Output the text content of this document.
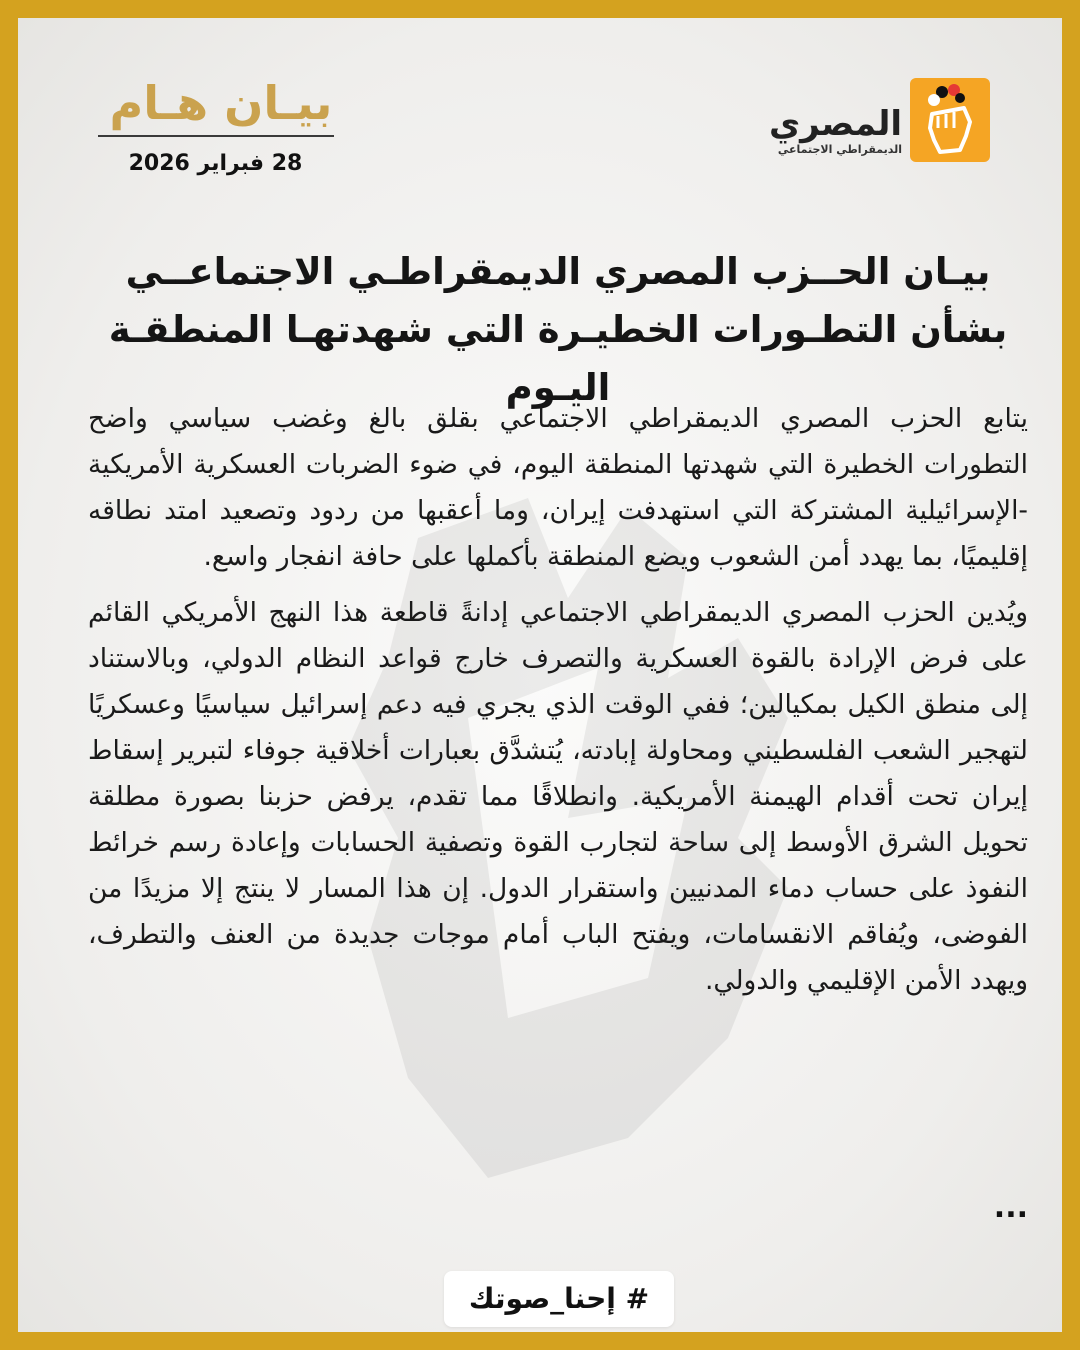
المصري
الديمقراطي الاجتماعي
بيـان هـام
28 فبراير 2026
بيـان الحــزب المصري الديمقراطـي الاجتماعــي بشأن التطـورات الخطيـرة التي شهدتهـا المنطقـة اليـوم

يتابع الحزب المصري الديمقراطي الاجتماعي بقلق بالغ وغضب سياسي واضح التطورات الخطيرة التي شهدتها المنطقة اليوم، في ضوء الضربات العسكرية الأمريكية -الإسرائيلية المشتركة التي استهدفت إيران، وما أعقبها من ردود وتصعيد امتد نطاقه إقليميًا، بما يهدد أمن الشعوب ويضع المنطقة بأكملها على حافة انفجار واسع.

ويُدين الحزب المصري الديمقراطي الاجتماعي إدانةً قاطعة هذا النهج الأمريكي القائم على فرض الإرادة بالقوة العسكرية والتصرف خارج قواعد النظام الدولي، وبالاستناد إلى منطق الكيل بمكيالين؛ ففي الوقت الذي يجري فيه دعم إسرائيل سياسيًا وعسكريًا لتهجير الشعب الفلسطيني ومحاولة إبادته، يُتشدَّق بعبارات أخلاقية جوفاء لتبرير إسقاط إيران تحت أقدام الهيمنة الأمريكية. وانطلاقًا مما تقدم، يرفض حزبنا بصورة مطلقة تحويل الشرق الأوسط إلى ساحة لتجارب القوة وتصفية الحسابات وإعادة رسم خرائط النفوذ على حساب دماء المدنيين واستقرار الدول. إن هذا المسار لا ينتج إلا مزيدًا من الفوضى، ويُفاقم الانقسامات، ويفتح الباب أمام موجات جديدة من العنف والتطرف، ويهدد الأمن الإقليمي والدولي.

...
# إحنا_صوتك
